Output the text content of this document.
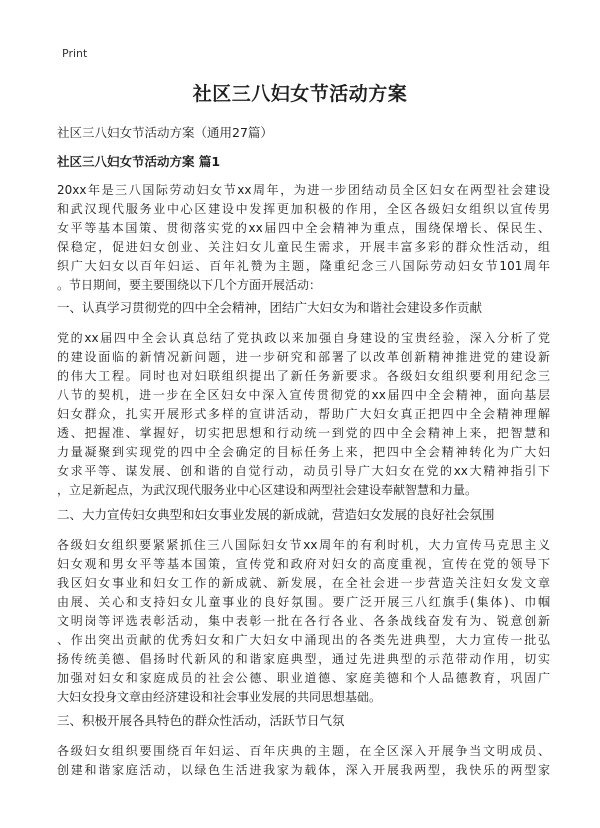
Print
社区三八妇女节活动方案
社区三八妇女节活动方案（通用27篇）
社区三八妇女节活动方案 篇1
20xx年是三八国际劳动妇女节xx周年，为进一步团结动员全区妇女在两型社会建设
和武汉现代服务业中心区建设中发挥更加积极的作用，全区各级妇女组织以宣传男
女平等基本国策、贯彻落实党的xx届四中全会精神为重点，围绕保增长、保民生、
保稳定，促进妇女创业、关注妇女儿童民生需求，开展丰富多彩的群众性活动，组
织广大妇女以百年妇运、百年礼赞为主题，隆重纪念三八国际劳动妇女节101周年
。节日期间，要主要围绕以下几个方面开展活动：
一、认真学习贯彻党的四中全会精神，团结广大妇女为和谐社会建设多作贡献
党的xx届四中全会认真总结了党执政以来加强自身建设的宝贵经验，深入分析了党
的建设面临的新情况新问题，进一步研究和部署了以改革创新精神推进党的建设新
的伟大工程。同时也对妇联组织提出了新任务新要求。各级妇女组织要利用纪念三
八节的契机，进一步在全区妇女中深入宣传贯彻党的xx届四中全会精神，面向基层
妇女群众，扎实开展形式多样的宣讲活动，帮助广大妇女真正把四中全会精神理解
透、把握准、掌握好，切实把思想和行动统一到党的四中全会精神上来，把智慧和
力量凝聚到实现党的四中全会确定的目标任务上来，把四中全会精神转化为广大妇
女求平等、谋发展、创和谐的自觉行动，动员引导广大妇女在党的xx大精神指引下
，立足新起点，为武汉现代服务业中心区建设和两型社会建设奉献智慧和力量。
二、大力宣传妇女典型和妇女事业发展的新成就，营造妇女发展的良好社会氛围
各级妇女组织要紧紧抓住三八国际妇女节xx周年的有利时机，大力宣传马克思主义
妇女观和男女平等基本国策，宣传党和政府对妇女的高度重视，宣传在党的领导下
我区妇女事业和妇女工作的新成就、新发展，在全社会进一步营造关注妇女发文章
由展、关心和支持妇女儿童事业的良好氛围。要广泛开展三八红旗手(集体)、巾帼
文明岗等评选表彰活动，集中表彰一批在各行各业、各条战线奋发有为、锐意创新
、作出突出贡献的优秀妇女和广大妇女中涌现出的各类先进典型，大力宣传一批弘
扬传统美德、倡扬时代新风的和谐家庭典型，通过先进典型的示范带动作用，切实
加强对妇女和家庭成员的社会公德、职业道德、家庭美德和个人品德教育，巩固广
大妇女投身文章由经济建设和社会事业发展的共同思想基础。
三、积极开展各具特色的群众性活动，活跃节日气氛
各级妇女组织要围绕百年妇运、百年庆典的主题，在全区深入开展争当文明成员、
创建和谐家庭活动，以绿色生活进我家为载体，深入开展我两型，我快乐的两型家
